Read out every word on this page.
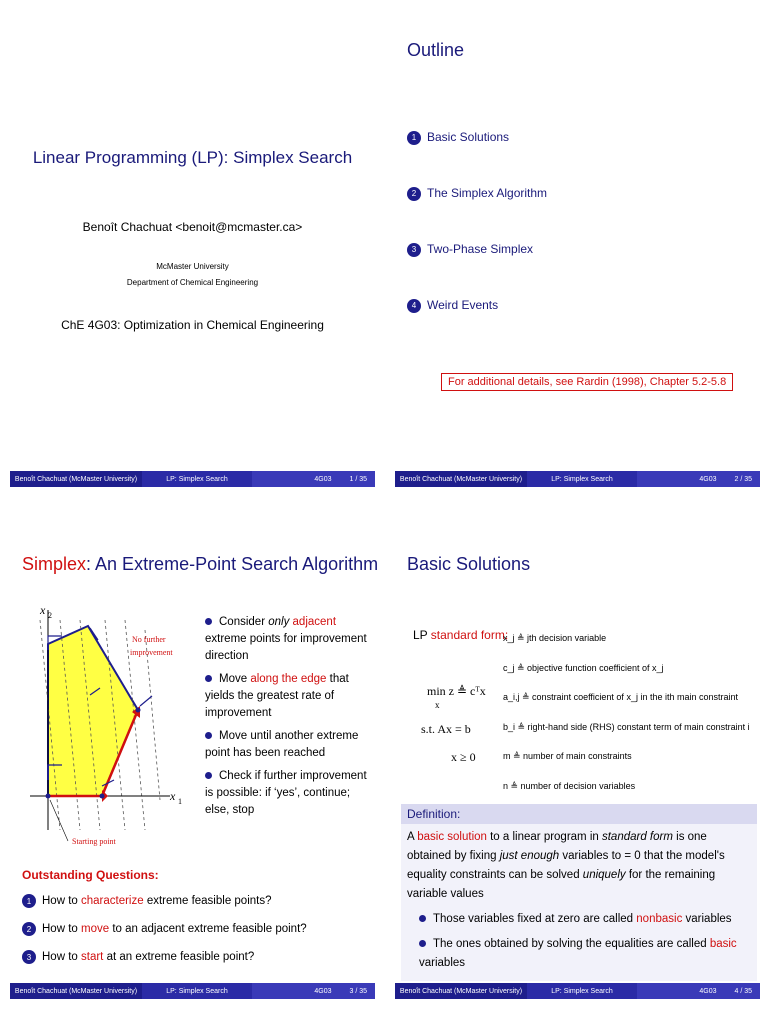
Linear Programming (LP): Simplex Search
Benoît Chachuat <benoit@mcmaster.ca>
McMaster University
Department of Chemical Engineering
ChE 4G03: Optimization in Chemical Engineering
Benoît Chachuat (McMaster University)	LP: Simplex Search	4G03	1 / 35
Outline
1 Basic Solutions
2 The Simplex Algorithm
3 Two-Phase Simplex
4 Weird Events
For additional details, see Rardin (1998), Chapter 5.2-5.8
Benoît Chachuat (McMaster University)	LP: Simplex Search	4G03	2 / 35
Simplex: An Extreme-Point Search Algorithm
x 2
x 1
No further
improvement
Starting point
Consider only adjacent extreme points for improvement direction
Move along the edge that yields the greatest rate of improvement
Move until another extreme point has been reached
Check if further improvement is possible: if ‘yes’, continue; else, stop
Outstanding Questions:
1 How to characterize extreme feasible points?
2 How to move to an adjacent extreme feasible point?
3 How to start at an extreme feasible point?
Benoît Chachuat (McMaster University)	LP: Simplex Search	4G03	3 / 35
Basic Solutions
LP standard form:
min z ≜ cᵀx
x
s.t. Ax = b
x ≥ 0
x_j ≜ jth decision variable
c_j ≜ objective function coefficient of x_j
a_i,j ≜ constraint coefficient of x_j in the ith main constraint
b_i ≜ right-hand side (RHS) constant term of main constraint i
m ≜ number of main constraints
n ≜ number of decision variables
Definition:
A basic solution to a linear program in standard form is one obtained by fixing just enough variables to = 0 that the model's equality constraints can be solved uniquely for the remaining variable values
Those variables fixed at zero are called nonbasic variables
The ones obtained by solving the equalities are called basic variables
Benoît Chachuat (McMaster University)	LP: Simplex Search	4G03	4 / 35
